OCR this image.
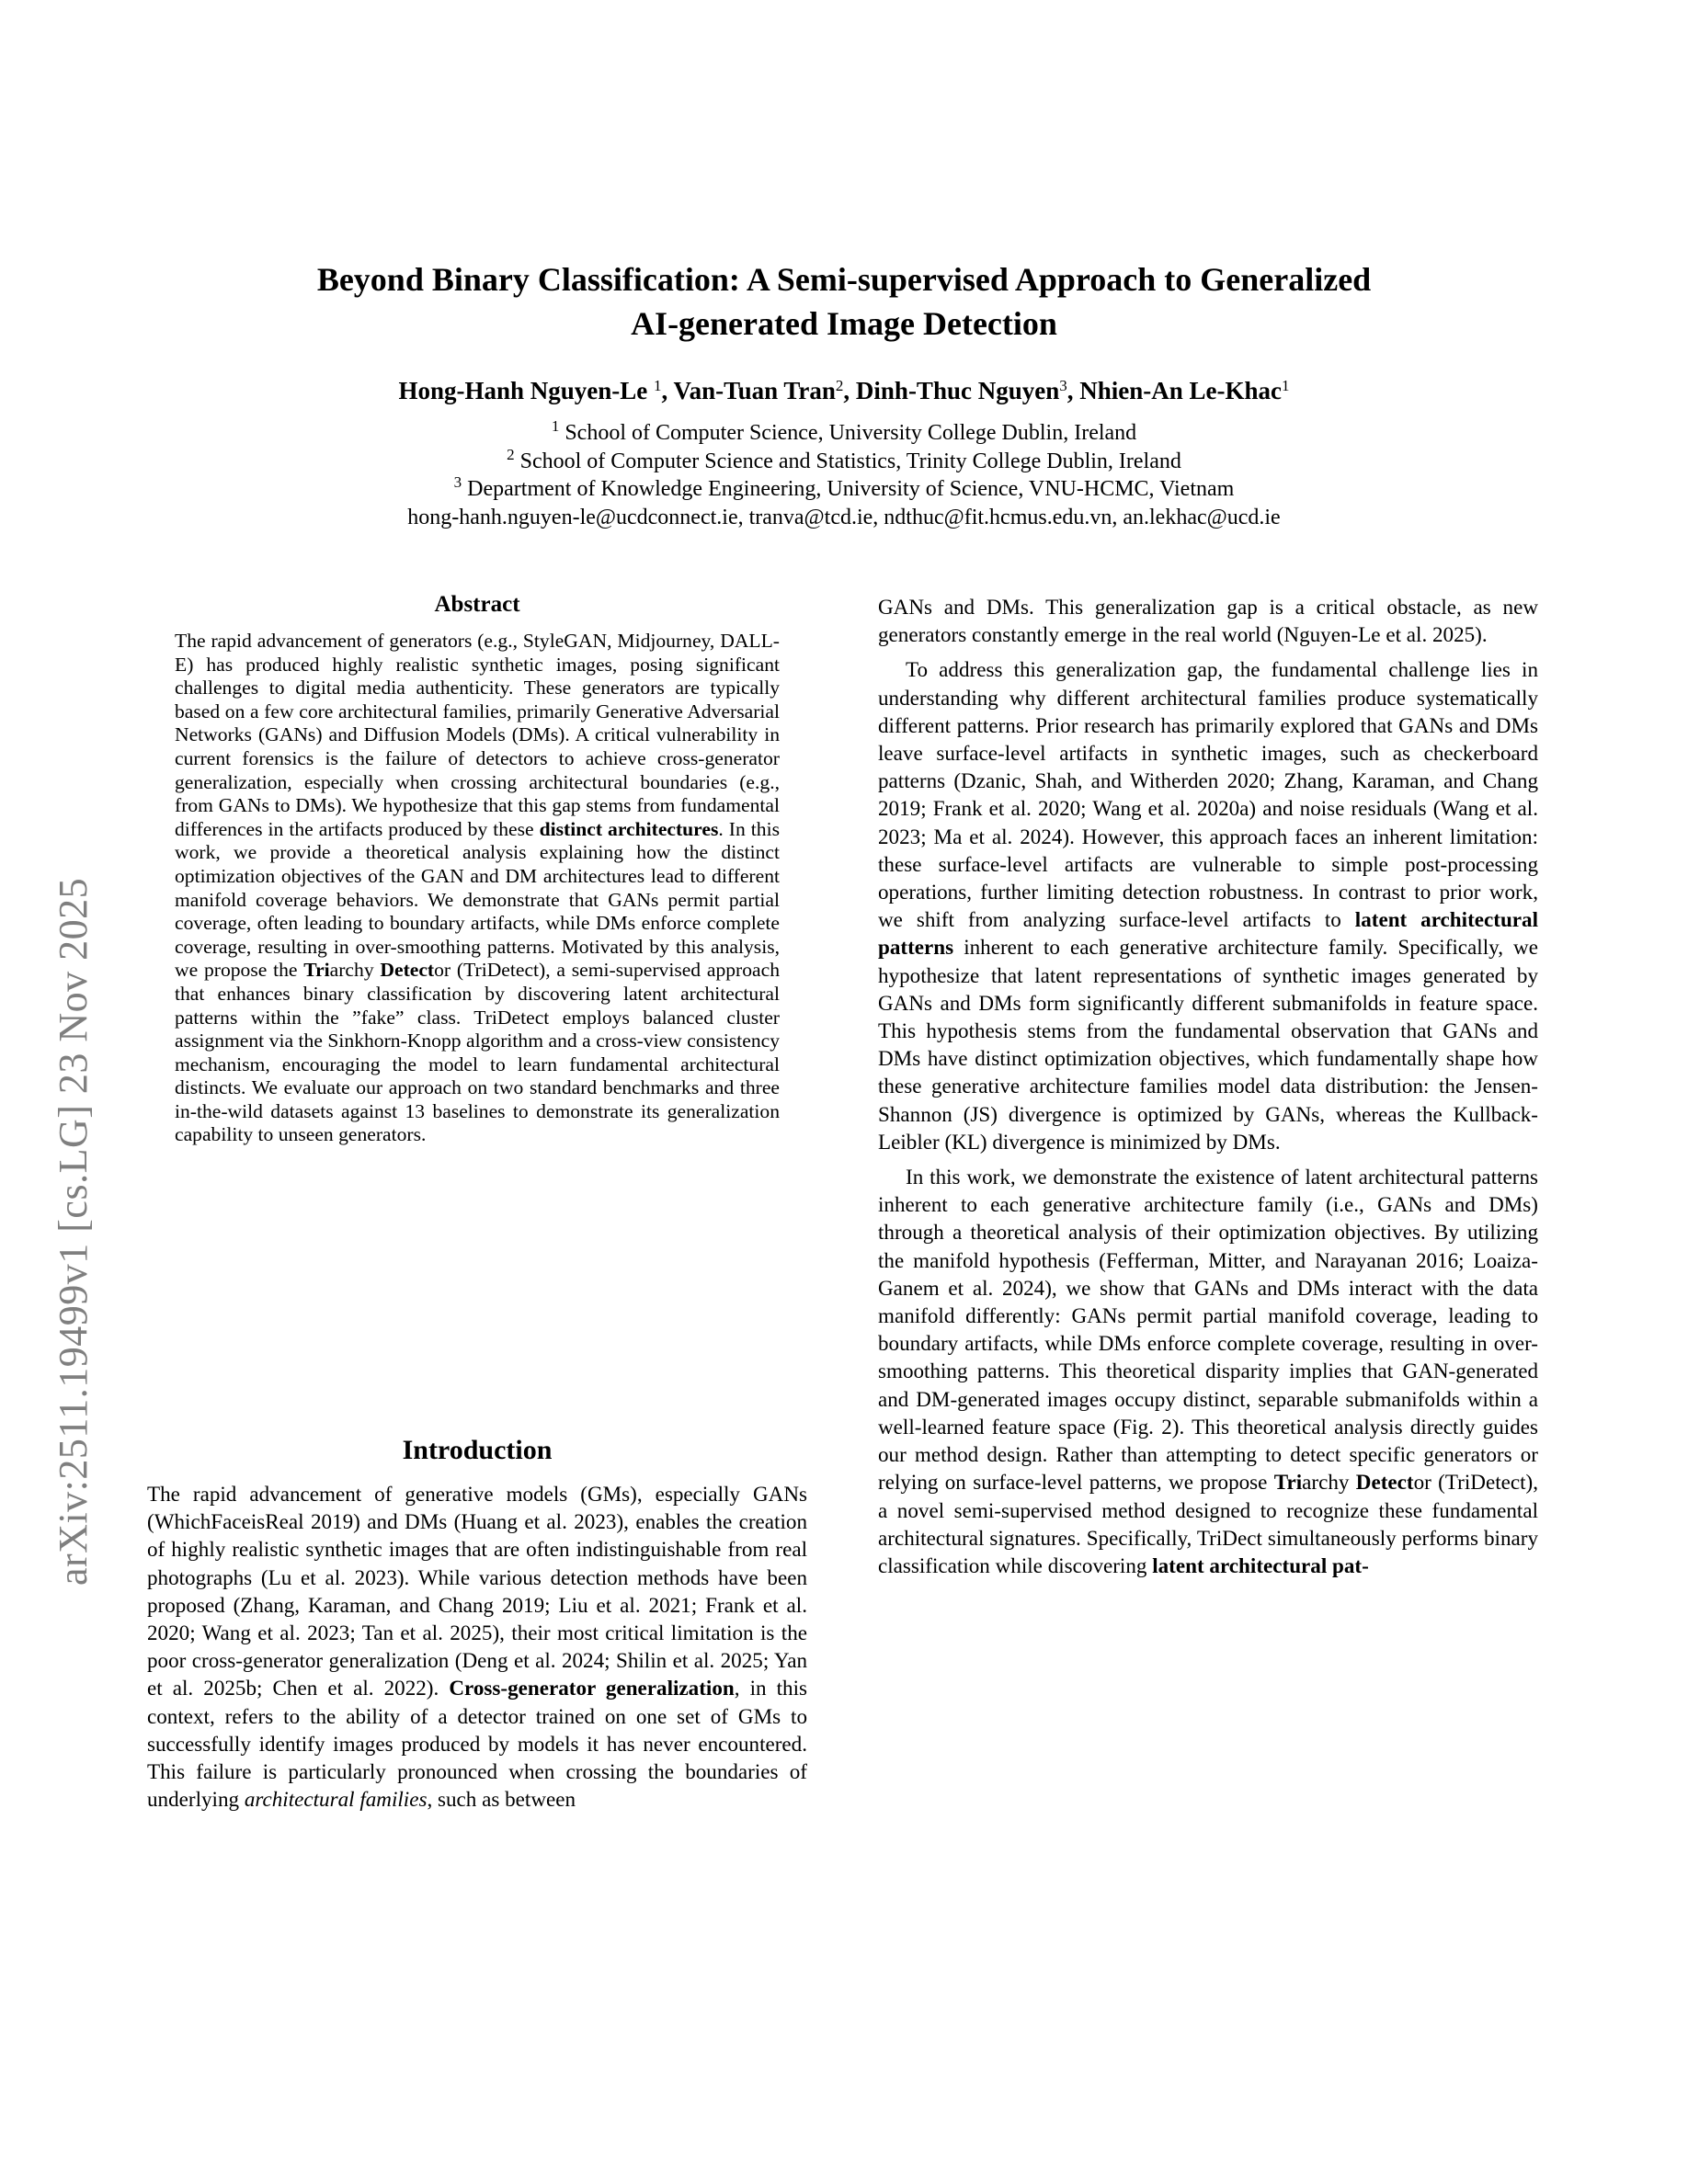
arXiv:2511.19499v1 [cs.LG] 23 Nov 2025
Beyond Binary Classification: A Semi-supervised Approach to Generalized
AI-generated Image Detection
Hong-Hanh Nguyen-Le $^1$, Van-Tuan Tran$^2$, Dinh-Thuc Nguyen$^3$, Nhien-An Le-Khac$^1$
$^1$ School of Computer Science, University College Dublin, Ireland
$^2$ School of Computer Science and Statistics, Trinity College Dublin, Ireland
$^3$ Department of Knowledge Engineering, University of Science, VNU-HCMC, Vietnam
hong-hanh.nguyen-le@ucdconnect.ie, tranva@tcd.ie, ndthuc@fit.hcmus.edu.vn, an.lekhac@ucd.ie
Abstract

The rapid advancement of generators (e.g., StyleGAN, Midjourney, DALL-E) has produced highly realistic synthetic images, posing significant challenges to digital media authenticity. These generators are typically based on a few core architectural families, primarily Generative Adversarial Networks (GANs) and Diffusion Models (DMs). A critical vulnerability in current forensics is the failure of detectors to achieve cross-generator generalization, especially when crossing architectural boundaries (e.g., from GANs to DMs). We hypothesize that this gap stems from fundamental differences in the artifacts produced by these distinct architectures. In this work, we provide a theoretical analysis explaining how the distinct optimization objectives of the GAN and DM architectures lead to different manifold coverage behaviors. We demonstrate that GANs permit partial coverage, often leading to boundary artifacts, while DMs enforce complete coverage, resulting in over-smoothing patterns. Motivated by this analysis, we propose the Triarchy Detector (TriDetect), a semi-supervised approach that enhances binary classification by discovering latent architectural patterns within the ”fake” class. TriDetect employs balanced cluster assignment via the Sinkhorn-Knopp algorithm and a cross-view consistency mechanism, encouraging the model to learn fundamental architectural distincts. We evaluate our approach on two standard benchmarks and three in-the-wild datasets against 13 baselines to demonstrate its generalization capability to unseen generators.

Introduction

The rapid advancement of generative models (GMs), especially GANs (WhichFaceisReal 2019) and DMs (Huang et al. 2023), enables the creation of highly realistic synthetic images that are often indistinguishable from real photographs (Lu et al. 2023). While various detection methods have been proposed (Zhang, Karaman, and Chang 2019; Liu et al. 2021; Frank et al. 2020; Wang et al. 2023; Tan et al. 2025), their most critical limitation is the poor cross-generator generalization (Deng et al. 2024; Shilin et al. 2025; Yan et al. 2025b; Chen et al. 2022). Cross-generator generalization, in this context, refers to the ability of a detector trained on one set of GMs to successfully identify images produced by models it has never encountered. This failure is particularly pronounced when crossing the boundaries of underlying architectural families, such as between

GANs and DMs. This generalization gap is a critical obstacle, as new generators constantly emerge in the real world (Nguyen-Le et al. 2025).

To address this generalization gap, the fundamental challenge lies in understanding why different architectural families produce systematically different patterns. Prior research has primarily explored that GANs and DMs leave surface-level artifacts in synthetic images, such as checkerboard patterns (Dzanic, Shah, and Witherden 2020; Zhang, Karaman, and Chang 2019; Frank et al. 2020; Wang et al. 2020a) and noise residuals (Wang et al. 2023; Ma et al. 2024). However, this approach faces an inherent limitation: these surface-level artifacts are vulnerable to simple post-processing operations, further limiting detection robustness. In contrast to prior work, we shift from analyzing surface-level artifacts to latent architectural patterns inherent to each generative architecture family. Specifically, we hypothesize that latent representations of synthetic images generated by GANs and DMs form significantly different submanifolds in feature space. This hypothesis stems from the fundamental observation that GANs and DMs have distinct optimization objectives, which fundamentally shape how these generative architecture families model data distribution: the Jensen-Shannon (JS) divergence is optimized by GANs, whereas the Kullback-Leibler (KL) divergence is minimized by DMs.

In this work, we demonstrate the existence of latent architectural patterns inherent to each generative architecture family (i.e., GANs and DMs) through a theoretical analysis of their optimization objectives. By utilizing the manifold hypothesis (Fefferman, Mitter, and Narayanan 2016; Loaiza-Ganem et al. 2024), we show that GANs and DMs interact with the data manifold differently: GANs permit partial manifold coverage, leading to boundary artifacts, while DMs enforce complete coverage, resulting in over-smoothing patterns. This theoretical disparity implies that GAN-generated and DM-generated images occupy distinct, separable submanifolds within a well-learned feature space (Fig. 2). This theoretical analysis directly guides our method design. Rather than attempting to detect specific generators or relying on surface-level patterns, we propose Triarchy Detector (TriDetect), a novel semi-supervised method designed to recognize these fundamental architectural signatures. Specifically, TriDect simultaneously performs binary classification while discovering latent architectural pat-
